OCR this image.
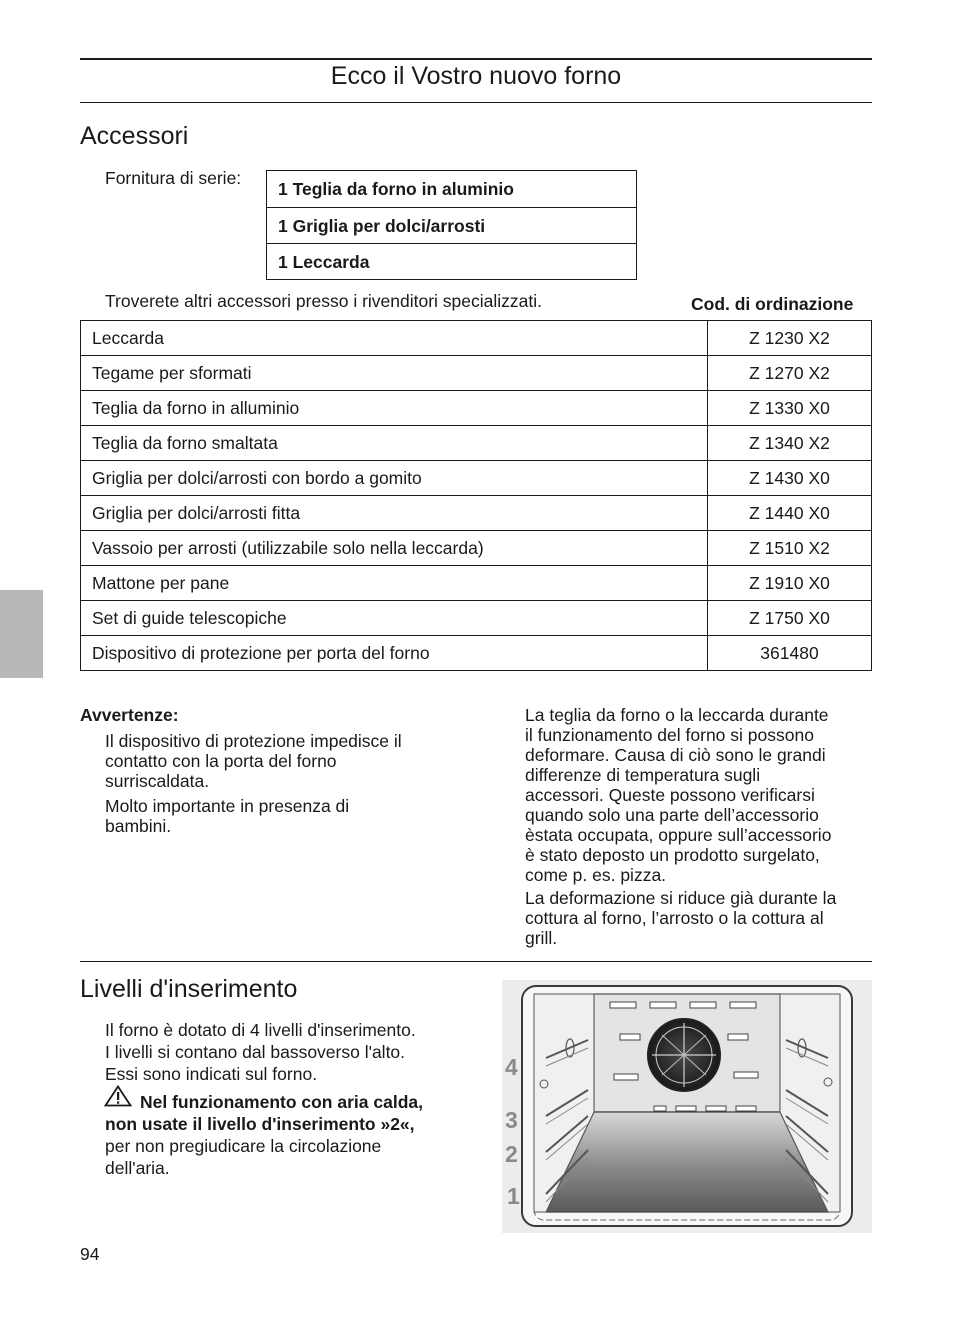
Ecco il Vostro nuovo forno
Accessori
Fornitura di serie:
1 Teglia da forno in aluminio
1 Griglia per dolci/arrosti
1 Leccarda
Troverete altri accessori presso i rivenditori specializzati.	Cod. di ordinazione
Leccarda	Z 1230 X2
Tegame per sformati	Z 1270 X2
Teglia da forno in alluminio	Z 1330 X0
Teglia da forno smaltata	Z 1340 X2
Griglia per dolci/arrosti con bordo a gomito	Z 1430 X0
Griglia per dolci/arrosti fitta	Z 1440 X0
Vassoio per arrosti (utilizzabile solo nella leccarda)	Z 1510 X2
Mattone per pane	Z 1910 X0
Set di guide telescopiche	Z 1750 X0
Dispositivo di protezione per porta del forno	361480
Avvertenze:
Il dispositivo di protezione impedisce il
contatto con la porta del forno
surriscaldata.
Molto importante in presenza di
bambini.
La teglia da forno o la leccarda durante
il funzionamento del forno si possono
deformare. Causa di ciò sono le grandi
differenze di temperatura sugli
accessori. Queste possono verificarsi
quando solo una parte dell’accessorio
èstata occupata, oppure sull’accessorio
è stato deposto un prodotto surgelato,
come p. es. pizza.
La deformazione si riduce già durante la
cottura al forno, l’arrosto o la cottura al
grill.
Livelli d'inserimento
Il forno è dotato di 4 livelli d'inserimento.
I livelli si contano dal bassoverso l'alto.
Essi sono indicati sul forno.
Nel funzionamento con aria calda,
non usate il livello d'inserimento »2«,
per non pregiudicare la circolazione
dell'aria.
4
3
2
1
94
